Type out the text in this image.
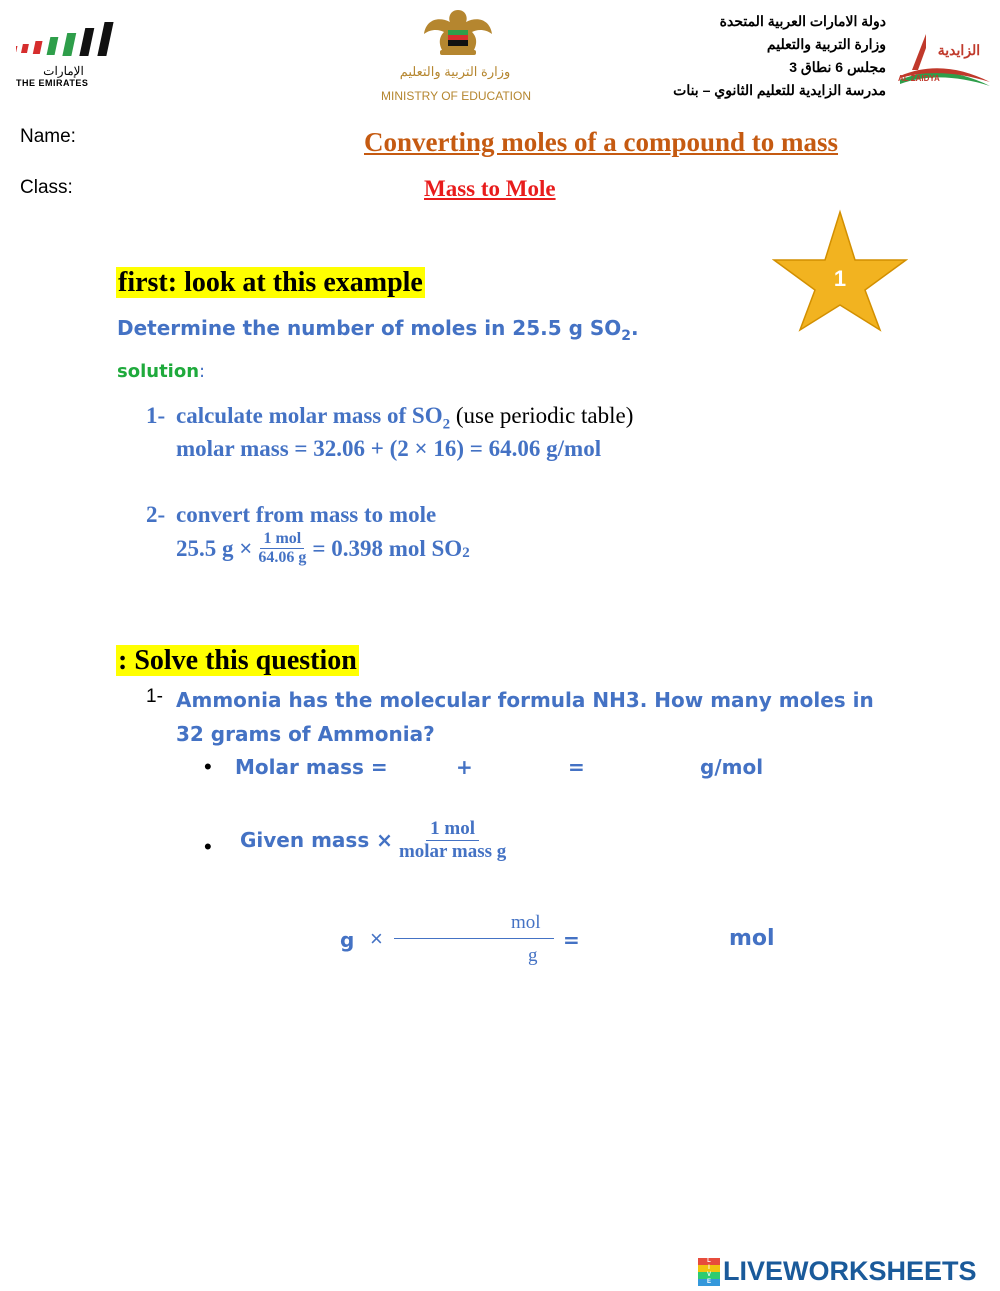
الإمارات
THE EMIRATES
وزارة التربية والتعليم
MINISTRY OF EDUCATION
دولة الامارات العربية المتحدة
وزارة التربية والتعليم
مجلس 6 نطاق 3
مدرسة الزايدية للتعليم الثانوي – بنات
الزايدية
AL ZAIDYA
Name:
Class:
Converting moles of a compound to mass
Mass to Mole
1
first: look at this example
Determine the number of moles in 25.5 g $SO_2$.
solution:
1- calculate molar mass of $SO_2$ (use periodic table)
molar mass = 32.06 + (2 × 16) = 64.06 g/mol
2- convert from mass to mole
25.5 $g \times \frac{\text{1 mol}}{64.06 g} = 0.398$ mol SO 2
: Solve this question
1- Ammonia has the molecular formula NH3. How many moles in
32 grams of Ammonia?
• Molar mass =	+	=	g/mol
• Given mass × $\frac{\text{1 mol}}{\text{molar mass g}}$
g ×
mol
g
=	mol
L
I
V
E LIVEWORKSHEETS
